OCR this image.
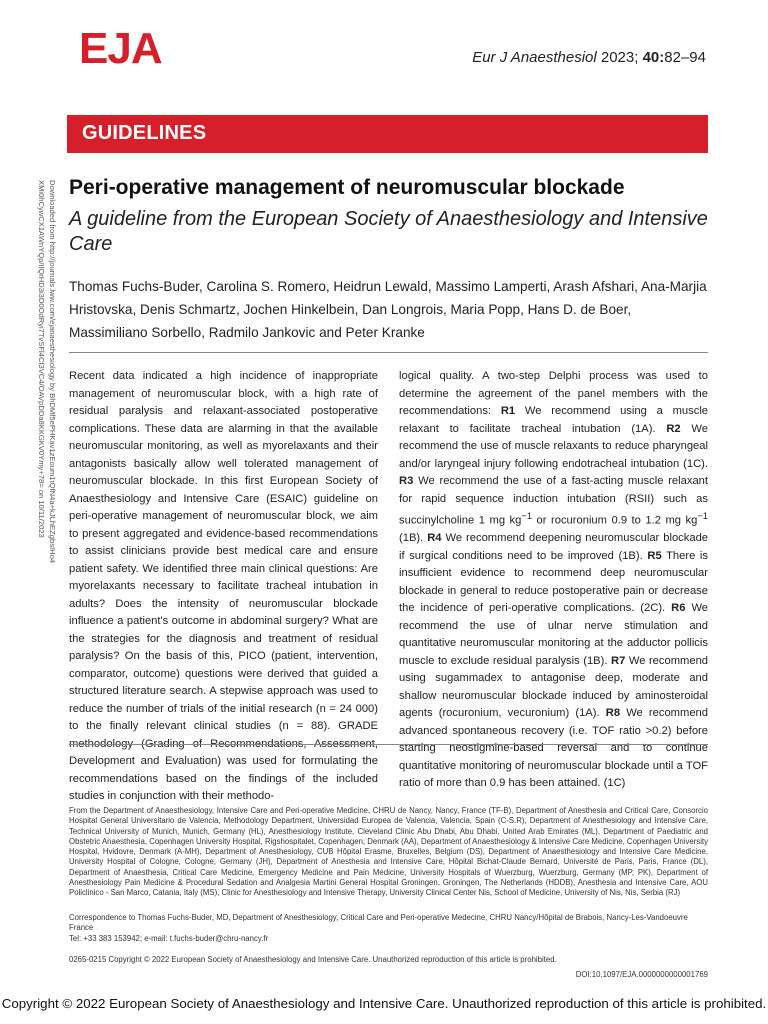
EJA	Eur J Anaesthesiol 2023; 40:82–94
GUIDELINES
Downloaded from http://journals.lww.com/ejanaesthesiology by BhDMf5ePHKav1zEoum1tQfN4a+kJLhEZgbsIHo4
XMi0hCywCX1AWnYQp/IlQrHD3i3D0OdRyi7TvSFl4Cf3VC4/OAVpDDa8KKGKV0Ymy+78= on 10/11/2023 Peri-operative management of neuromuscular blockade
A guideline from the European Society of Anaesthesiology and Intensive Care
Thomas Fuchs-Buder, Carolina S. Romero, Heidrun Lewald, Massimo Lamperti, Arash Afshari, Ana-Marjia Hristovska, Denis Schmartz, Jochen Hinkelbein, Dan Longrois, Maria Popp, Hans D. de Boer, Massimiliano Sorbello, Radmilo Jankovic and Peter Kranke
Recent data indicated a high incidence of inappropriate management of neuromuscular block, with a high rate of residual paralysis and relaxant-associated postoperative complications. These data are alarming in that the available neuromuscular monitoring, as well as myorelaxants and their antagonists basically allow well tolerated management of neuromuscular blockade. In this first European Society of Anaesthesiology and Intensive Care (ESAIC) guideline on peri-operative management of neuromuscular block, we aim to present aggregated and evidence-based recommendations to assist clinicians provide best medical care and ensure patient safety. We identified three main clinical questions: Are myorelaxants necessary to facilitate tracheal intubation in adults? Does the intensity of neuromuscular blockade influence a patient's outcome in abdominal surgery? What are the strategies for the diagnosis and treatment of residual paralysis? On the basis of this, PICO (patient, intervention, comparator, outcome) questions were derived that guided a structured literature search. A stepwise approach was used to reduce the number of trials of the initial research (n = 24 000) to the finally relevant clinical studies (n = 88). GRADE methodology (Grading of Recommendations, Assessment, Development and Evaluation) was used for formulating the recommendations based on the findings of the included studies in conjunction with their methodo-
logical quality. A two-step Delphi process was used to determine the agreement of the panel members with the recommendations: R1 We recommend using a muscle relaxant to facilitate tracheal intubation (1A). R2 We recommend the use of muscle relaxants to reduce pharyngeal and/or laryngeal injury following endotracheal intubation (1C). R3 We recommend the use of a fast-acting muscle relaxant for rapid sequence induction intubation (RSII) such as succinylcholine 1 mg $kg^{-1}$ or rocuronium 0.9 to 1.2 mg $kg^{-1}$ (1B). R4 We recommend deepening neuromuscular blockade if surgical conditions need to be improved (1B). R5 There is insufficient evidence to recommend deep neuromuscular blockade in general to reduce postoperative pain or decrease the incidence of peri-operative complications. (2C). R6 We recommend the use of ulnar nerve stimulation and quantitative neuromuscular monitoring at the adductor pollicis muscle to exclude residual paralysis (1B). R7 We recommend using sugammadex to antagonise deep, moderate and shallow neuromuscular blockade induced by aminosteroidal agents (rocuronium, vecuronium) (1A). R8 We recommend advanced spontaneous recovery (i.e. TOF ratio >0.2) before starting neostigmine-based reversal and to continue quantitative monitoring of neuromuscular blockade until a TOF ratio of more than 0.9 has been attained. (1C)
From the Department of Anaesthesiology, Intensive Care and Peri-operative Medicine, CHRU de Nancy, Nancy, France (TF-B), Department of Anesthesia and Critical Care, Consorcio Hospital General Universitario de Valencia, Methodology Department, Universidad Europea de Valencia, Valencia, Spain (C-S.R), Department of Anesthesiology and Intensive Care, Technical University of Munich, Munich, Germany (HL), Anesthesiology Institute, Cleveland Clinic Abu Dhabi, Abu Dhabi, United Arab Emirates (ML), Department of Paediatric and Obstetric Anaesthesia, Copenhagen University Hospital, Rigshospitalet, Copenhagen, Denmark (AA), Department of Anaesthesiology & Intensive Care Medicine, Copenhagen University Hospital, Hvidovre, Denmark (A-MH), Department of Anesthesiology, CUB Hôpital Erasme, Bruxelles, Belgium (DS), Department of Anaesthesiology and Intensive Care Medicine, University Hospital of Cologne, Cologne, Germany (JH), Department of Anesthesia and Intensive Care, Hôpital Bichat-Claude Bernard, Université de Paris, Paris, France (DL), Department of Anaesthesia, Critical Care Medicine, Emergency Medicine and Pain Medicine, University Hospitals of Wuerzburg, Wuerzburg, Germany (MP, PK), Department of Anesthesiology Pain Medicine & Procedural Sedation and Analgesia Martini General Hospital Groningen, Groningen, The Netherlands (HDDB), Anesthesia and Intensive Care, AOU Policlinico - San Marco, Catania, Italy (MS), Clinic for Anesthesiology and Intensive Therapy, University Clinical Center Nis, School of Medicine, University of Nis, Nis, Serbia (RJ)
Correspondence to Thomas Fuchs-Buder, MD, Department of Anesthesiology, Critical Care and Peri-operative Medecine, CHRU Nancy/Hôpital de Brabois, Nancy-Les-Vandoeuvre France
Tel: +33 383 153942; e-mail: t.fuchs-buder@chru-nancy.fr
0265-0215 Copyright © 2022 European Society of Anaesthesiology and Intensive Care. Unauthorized reproduction of this article is prohibited.
DOI:10.1097/EJA.0000000000001769
Copyright © 2022 European Society of Anaesthesiology and Intensive Care. Unauthorized reproduction of this article is prohibited.
